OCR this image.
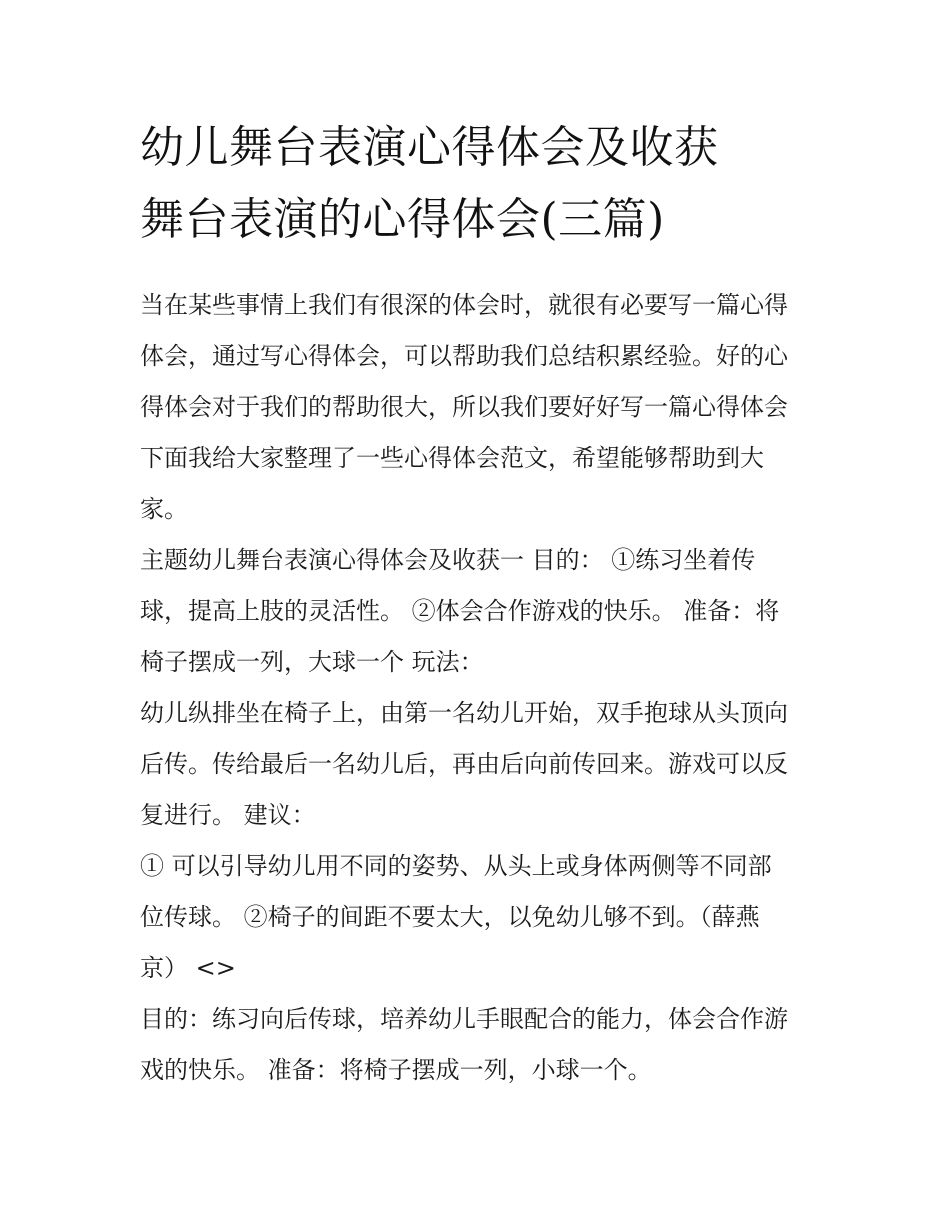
幼儿舞台表演心得体会及收获
舞台表演的心得体会(三篇)

当在某些事情上我们有很深的体会时，就很有必要写一篇心得
体会，通过写心得体会，可以帮助我们总结积累经验。好的心
得体会对于我们的帮助很大，所以我们要好好写一篇心得体会
下面我给大家整理了一些心得体会范文，希望能够帮助到大
家。

主题幼儿舞台表演心得体会及收获一 目的： ①练习坐着传
球，提高上肢的灵活性。 ②体会合作游戏的快乐。 准备：将
椅子摆成一列，大球一个 玩法：

幼儿纵排坐在椅子上，由第一名幼儿开始，双手抱球从头顶向
后传。传给最后一名幼儿后，再由后向前传回来。游戏可以反
复进行。 建议：

① 可以引导幼儿用不同的姿势、从头上或身体两侧等不同部
位传球。 ②椅子的间距不要太大，以免幼儿够不到。（薛燕
京） <>

目的：练习向后传球，培养幼儿手眼配合的能力，体会合作游
戏的快乐。 准备：将椅子摆成一列，小球一个。
